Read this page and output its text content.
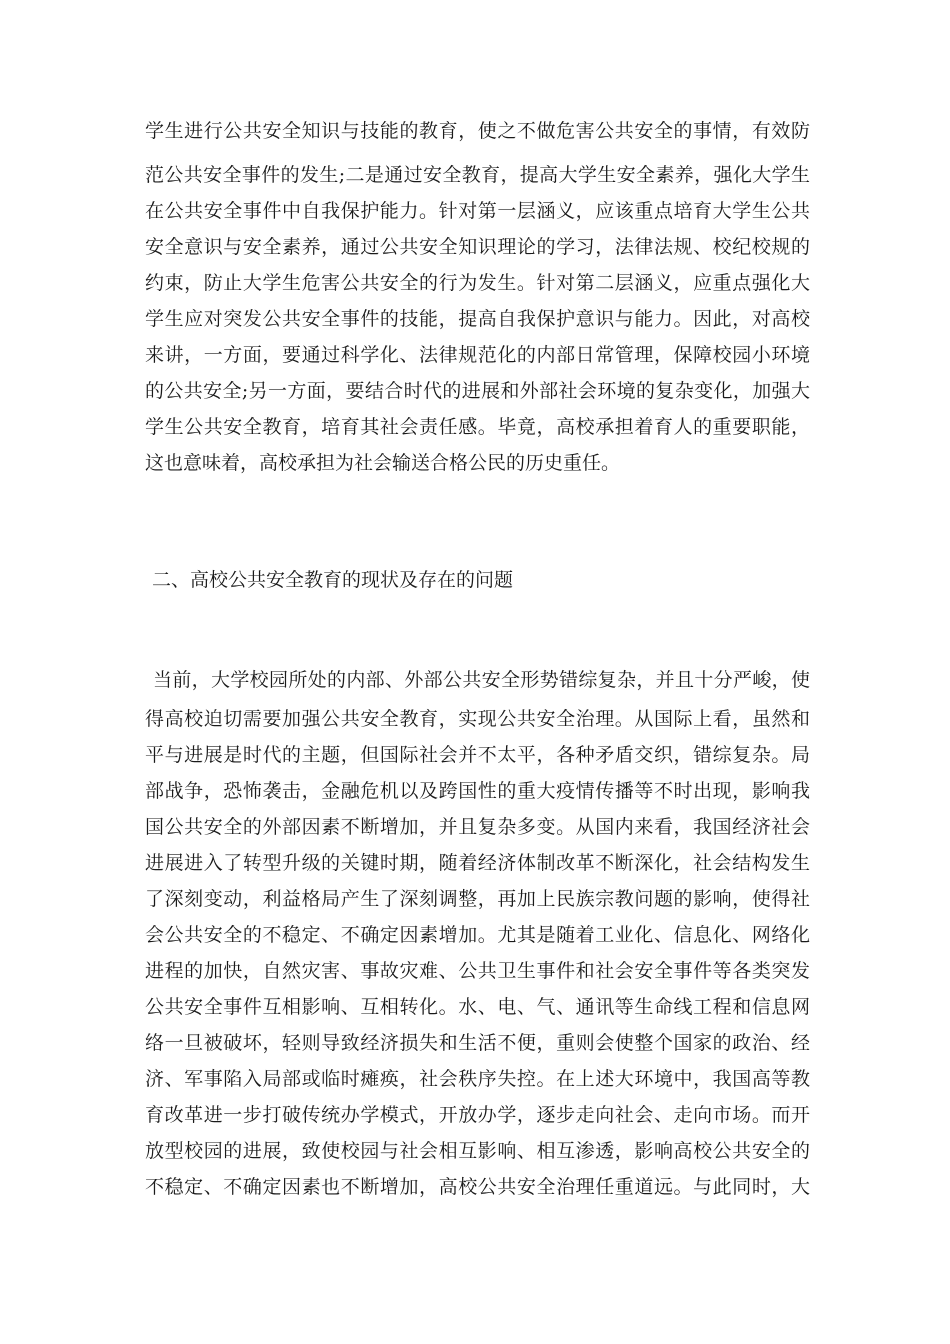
学生进行公共安全知识与技能的教育，使之不做危害公共安全的事情，有效防
范公共安全事件的发生;二是通过安全教育，提高大学生安全素养，强化大学生
在公共安全事件中自我保护能力。针对第一层涵义，应该重点培育大学生公共
安全意识与安全素养，通过公共安全知识理论的学习，法律法规、校纪校规的
约束，防止大学生危害公共安全的行为发生。针对第二层涵义，应重点强化大
学生应对突发公共安全事件的技能，提高自我保护意识与能力。因此，对高校
来讲，一方面，要通过科学化、法律规范化的内部日常管理，保障校园小环境
的公共安全;另一方面，要结合时代的进展和外部社会环境的复杂变化，加强大
学生公共安全教育，培育其社会责任感。毕竟，高校承担着育人的重要职能，
这也意味着，高校承担为社会输送合格公民的历史重任。
二、高校公共安全教育的现状及存在的问题
当前，大学校园所处的内部、外部公共安全形势错综复杂，并且十分严峻，使
得高校迫切需要加强公共安全教育，实现公共安全治理。从国际上看，虽然和
平与进展是时代的主题，但国际社会并不太平，各种矛盾交织，错综复杂。局
部战争，恐怖袭击，金融危机以及跨国性的重大疫情传播等不时出现，影响我
国公共安全的外部因素不断增加，并且复杂多变。从国内来看，我国经济社会
进展进入了转型升级的关键时期，随着经济体制改革不断深化，社会结构发生
了深刻变动，利益格局产生了深刻调整，再加上民族宗教问题的影响，使得社
会公共安全的不稳定、不确定因素增加。尤其是随着工业化、信息化、网络化
进程的加快，自然灾害、事故灾难、公共卫生事件和社会安全事件等各类突发
公共安全事件互相影响、互相转化。水、电、气、通讯等生命线工程和信息网
络一旦被破坏，轻则导致经济损失和生活不便，重则会使整个国家的政治、经
济、军事陷入局部或临时瘫痪，社会秩序失控。在上述大环境中，我国高等教
育改革进一步打破传统办学模式，开放办学，逐步走向社会、走向市场。而开
放型校园的进展，致使校园与社会相互影响、相互渗透，影响高校公共安全的
不稳定、不确定因素也不断增加，高校公共安全治理任重道远。与此同时，大
